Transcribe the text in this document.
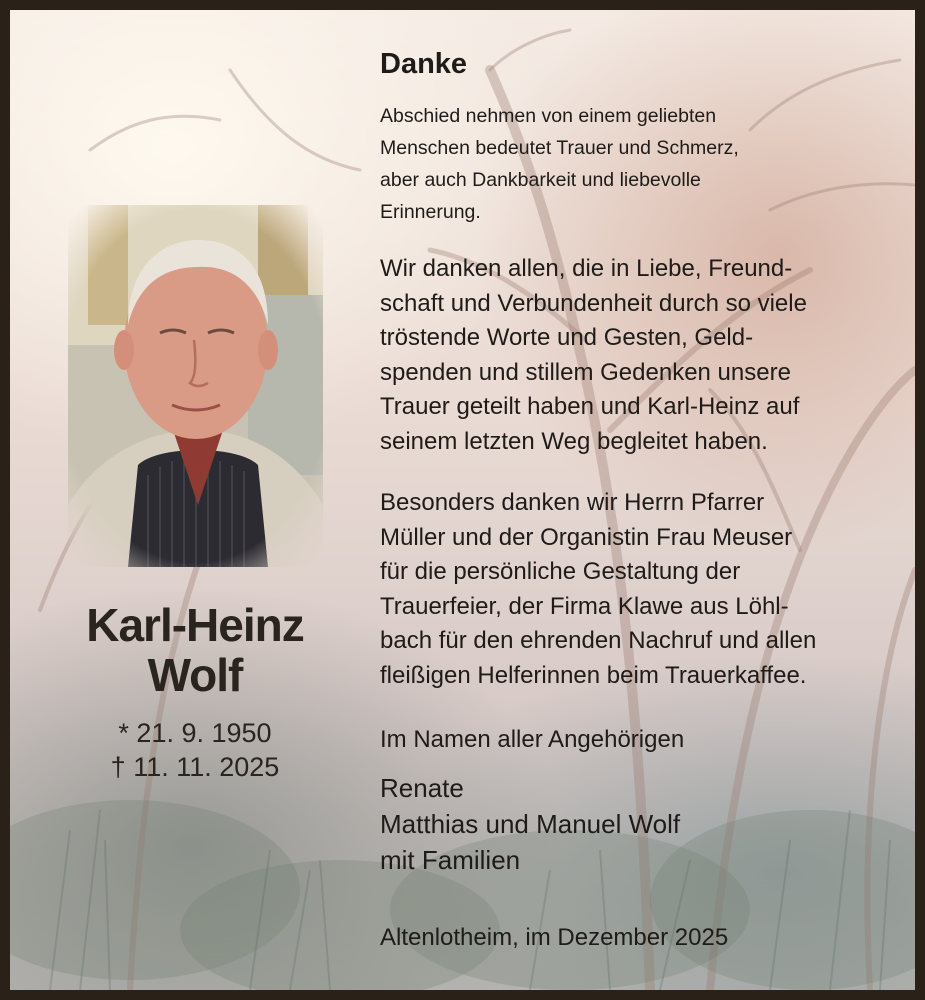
Karl-Heinz
Wolf
* 21. 9. 1950
† 11. 11. 2025
Danke
Abschied nehmen von einem geliebten
Menschen bedeutet Trauer und Schmerz,
aber auch Dankbarkeit und liebevolle
Erinnerung.
Wir danken allen, die in Liebe, Freund-
schaft und Verbundenheit durch so viele
tröstende Worte und Gesten, Geld-
spenden und stillem Gedenken unsere
Trauer geteilt haben und Karl-Heinz auf
seinem letzten Weg begleitet haben.
Besonders danken wir Herrn Pfarrer
Müller und der Organistin Frau Meuser
für die persönliche Gestaltung der
Trauerfeier, der Firma Klawe aus Löhl-
bach für den ehrenden Nachruf und allen
fleißigen Helferinnen beim Trauerkaffee.
Im Namen aller Angehörigen
Renate
Matthias und Manuel Wolf
mit Familien
Altenlotheim, im Dezember 2025
